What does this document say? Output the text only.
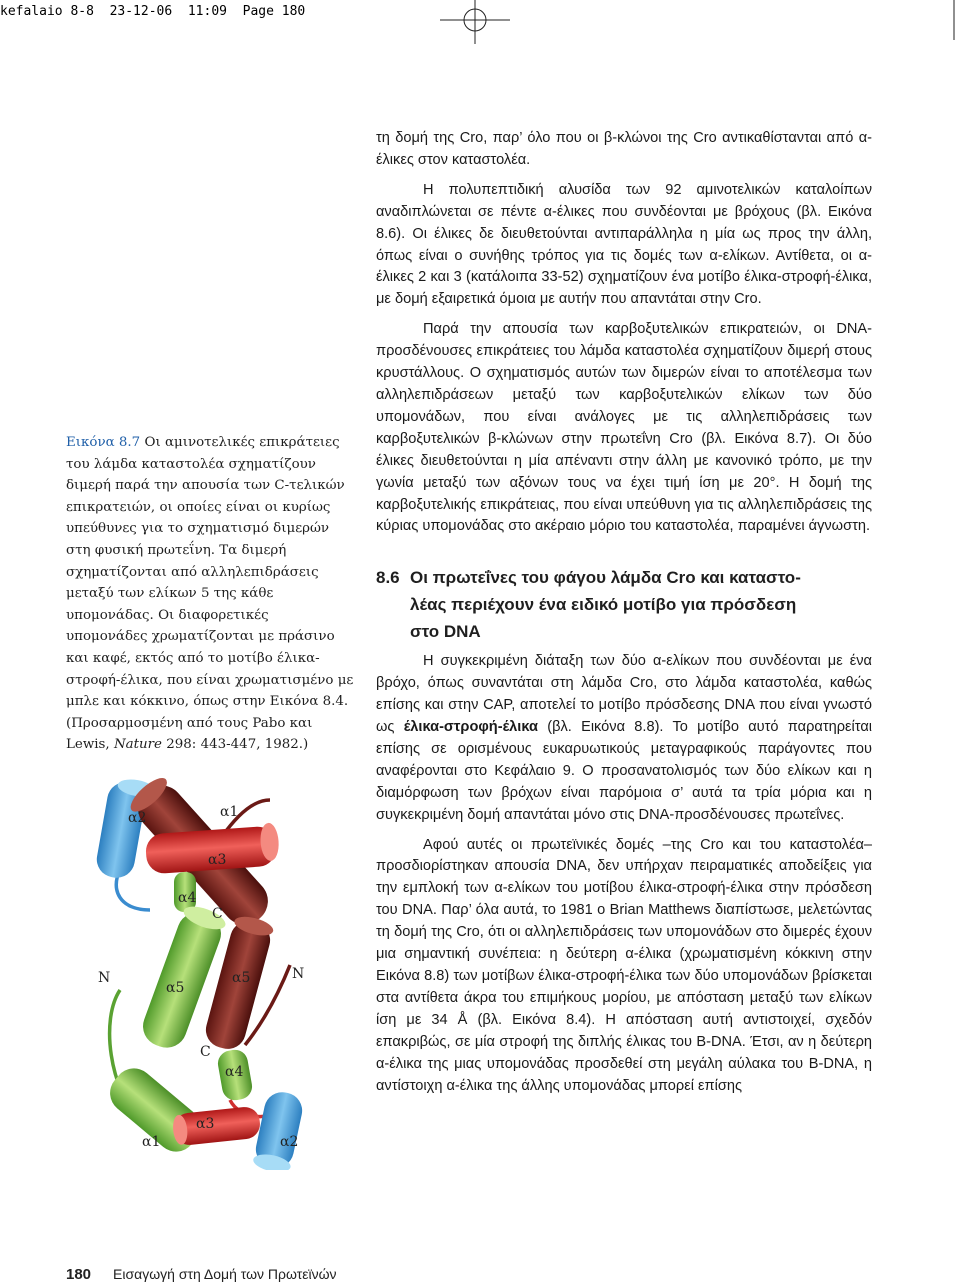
kefalaio 8-8  23-12-06  11:09  Page 180

Εικόνα 8.7 Οι αμινοτελικές επικράτειες του λάμδα καταστολέα σχηματίζουν διμερή παρά την απουσία των C-τελικών επικρατειών, οι οποίες είναι οι κυρίως υπεύθυνες για το σχηματισμό διμερών στη φυσική πρωτεΐνη. Τα διμερή σχηματίζονται από αλληλεπιδράσεις μεταξύ των ελίκων 5 της κάθε υπομονάδας. Οι διαφορετικές υπομονάδες χρωματίζονται με πράσινο και καφέ, εκτός από το μοτίβο έλικα-στροφή-έλικα, που είναι χρωματισμένο με μπλε και κόκκινο, όπως στην Εικόνα 8.4. (Προσαρμοσμένη από τους Pabo και Lewis, Nature 298: 443-447, 1982.)

α2	α1
α3
α4
C
N
α5
α5	N
C
α4
α3
α1	α2

τη δομή της Cro, παρ’ όλο που οι β-κλώνοι της Cro αντικαθίστανται από α-έλικες στον καταστολέα.

Η πολυπεπτιδική αλυσίδα των 92 αμινοτελικών καταλοίπων αναδιπλώνεται σε πέντε α-έλικες που συνδέονται με βρόχους (βλ. Εικόνα 8.6). Οι έλικες δε διευθετούνται αντιπαράλληλα η μία ως προς την άλλη, όπως είναι ο συνήθης τρόπος για τις δομές των α-ελίκων. Αντίθετα, οι α-έλικες 2 και 3 (κατάλοιπα 33-52) σχηματίζουν ένα μοτίβο έλικα-στροφή-έλικα, με δομή εξαιρετικά όμοια με αυτήν που απαντάται στην Cro.

Παρά την απουσία των καρβοξυτελικών επικρατειών, οι DNA-προσδένουσες επικράτειες του λάμδα καταστολέα σχηματίζουν διμερή στους κρυστάλλους. Ο σχηματισμός αυτών των διμερών είναι το αποτέλεσμα των αλληλεπιδράσεων μεταξύ των καρβοξυτελικών ελίκων των δύο υπομονάδων, που είναι ανάλογες με τις αλληλεπιδράσεις των καρβοξυτελικών β-κλώνων στην πρωτεΐνη Cro (βλ. Εικόνα 8.7). Οι δύο έλικες διευθετούνται η μία απέναντι στην άλλη με κανονικό τρόπο, με την γωνία μεταξύ των αξόνων τους να έχει τιμή ίση με 20°. Η δομή της καρβοξυτελικής επικράτειας, που είναι υπεύθυνη για τις αλληλεπιδράσεις της κύριας υπομονάδας στο ακέραιο μόριο του καταστολέα, παραμένει άγνωστη.

8.6 Οι πρωτεΐνες του φάγου λάμδα Cro και καταστο-
λέας περιέχουν ένα ειδικό μοτίβο για πρόσδεση
στο DNA

Η συγκεκριμένη διάταξη των δύο α-ελίκων που συνδέονται με ένα βρόχο, όπως συναντάται στη λάμδα Cro, στο λάμδα καταστολέα, καθώς επίσης και στην CAP, αποτελεί το μοτίβο πρόσδεσης DNA που είναι γνωστό ως έλικα-στροφή-έλικα (βλ. Εικόνα 8.8). Το μοτίβο αυτό παρατηρείται επίσης σε ορισμένους ευκαρυωτικούς μεταγραφικούς παράγοντες που αναφέρονται στο Κεφάλαιο 9. Ο προσανατολισμός των δύο ελίκων και η διαμόρφωση των βρόχων είναι παρόμοια σ’ αυτά τα τρία μόρια και η συγκεκριμένη δομή απαντάται μόνο στις DNA-προσδένουσες πρωτεΐνες.

Αφού αυτές οι πρωτεϊνικές δομές –της Cro και του καταστολέα– προσδιορίστηκαν απουσία DNA, δεν υπήρχαν πειραματικές αποδείξεις για την εμπλοκή των α-ελίκων του μοτίβου έλικα-στροφή-έλικα στην πρόσδεση του DNA. Παρ’ όλα αυτά, το 1981 ο Brian Matthews διαπίστωσε, μελετώντας τη δομή της Cro, ότι οι αλληλεπιδράσεις των υπομονάδων στο διμερές έχουν μια σημαντική συνέπεια: η δεύτερη α-έλικα (χρωματισμένη κόκκινη στην Εικόνα 8.8) των μοτίβων έλικα-στροφή-έλικα των δύο υπομονάδων βρίσκεται στα αντίθετα άκρα του επιμήκους μορίου, με απόσταση μεταξύ των ελίκων ίση με 34 Å (βλ. Εικόνα 8.4). Η απόσταση αυτή αντιστοιχεί, σχεδόν επακριβώς, σε μία στροφή της διπλής έλικας του B-DNA. Έτσι, αν η δεύτερη α-έλικα της μιας υπομονάδας προσδεθεί στη μεγάλη αύλακα του B-DNA, η αντίστοιχη α-έλικα της άλλης υπομονάδας μπορεί επίσης

180 Εισαγωγή στη Δομή των Πρωτεϊνών
